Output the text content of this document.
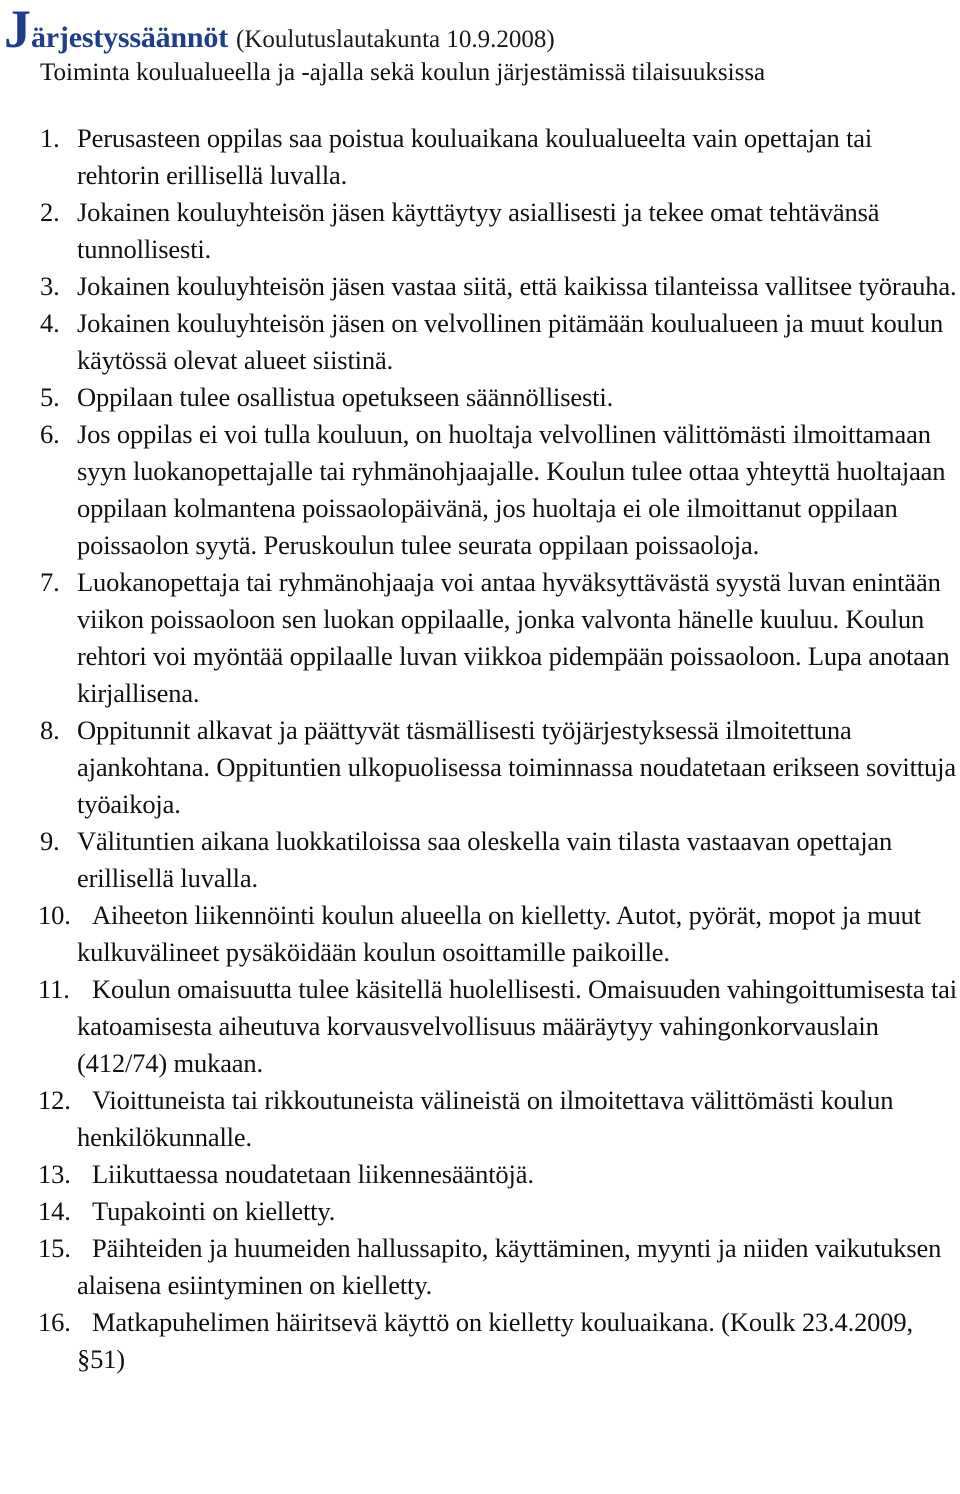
Järjestyssäännöt (Koulutuslautakunta 10.9.2008)
Toiminta koulualueella ja -ajalla sekä koulun järjestämissä tilaisuuksissa
1. Perusasteen oppilas saa poistua kouluaikana koulualueelta vain opettajan tai rehtorin erillisellä luvalla.
2. Jokainen kouluyhteisön jäsen käyttäytyy asiallisesti ja tekee omat tehtävänsä tunnollisesti.
3. Jokainen kouluyhteisön jäsen vastaa siitä, että kaikissa tilanteissa vallitsee työrauha.
4. Jokainen kouluyhteisön jäsen on velvollinen pitämään koulualueen ja muut koulun käytössä olevat alueet siistinä.
5. Oppilaan tulee osallistua opetukseen säännöllisesti.
6. Jos oppilas ei voi tulla kouluun, on huoltaja velvollinen välittömästi ilmoittamaan syyn luokanopettajalle tai ryhmänohjaajalle. Koulun tulee ottaa yhteyttä huoltajaan oppilaan kolmantena poissaolopäivänä, jos huoltaja ei ole ilmoittanut oppilaan poissaolon syytä. Peruskoulun tulee seurata oppilaan poissaoloja.
7. Luokanopettaja tai ryhmänohjaaja voi antaa hyväksyttävästä syystä luvan enintään viikon poissaoloon sen luokan oppilaalle, jonka valvonta hänelle kuuluu. Koulun rehtori voi myöntää oppilaalle luvan viikkoa pidempään poissaoloon. Lupa anotaan kirjallisena.
8. Oppitunnit alkavat ja päättyvät täsmällisesti työjärjestyksessä ilmoitettuna ajankohtana. Oppituntien ulkopuolisessa toiminnassa noudatetaan erikseen sovittuja työaikoja.
9. Välituntien aikana luokkatiloissa saa oleskella vain tilasta vastaavan opettajan erillisellä luvalla.
10. Aiheeton liikennöinti koulun alueella on kielletty. Autot, pyörät, mopot ja muut kulkuvälineet pysäköidään koulun osoittamille paikoille.
11. Koulun omaisuutta tulee käsitellä huolellisesti. Omaisuuden vahingoittumisesta tai katoamisesta aiheutuva korvausvelvollisuus määräytyy vahingonkorvauslain (412/74) mukaan.
12. Vioittuneista tai rikkoutuneista välineistä on ilmoitettava välittömästi koulun henkilökunnalle.
13. Liikuttaessa noudatetaan liikennesääntöjä.
14. Tupakointi on kielletty.
15. Päihteiden ja huumeiden hallussapito, käyttäminen, myynti ja niiden vaikutuksen alaisena esiintyminen on kielletty.
16. Matkapuhelimen häiritsevä käyttö on kielletty kouluaikana. (Koulk 23.4.2009, §51)
